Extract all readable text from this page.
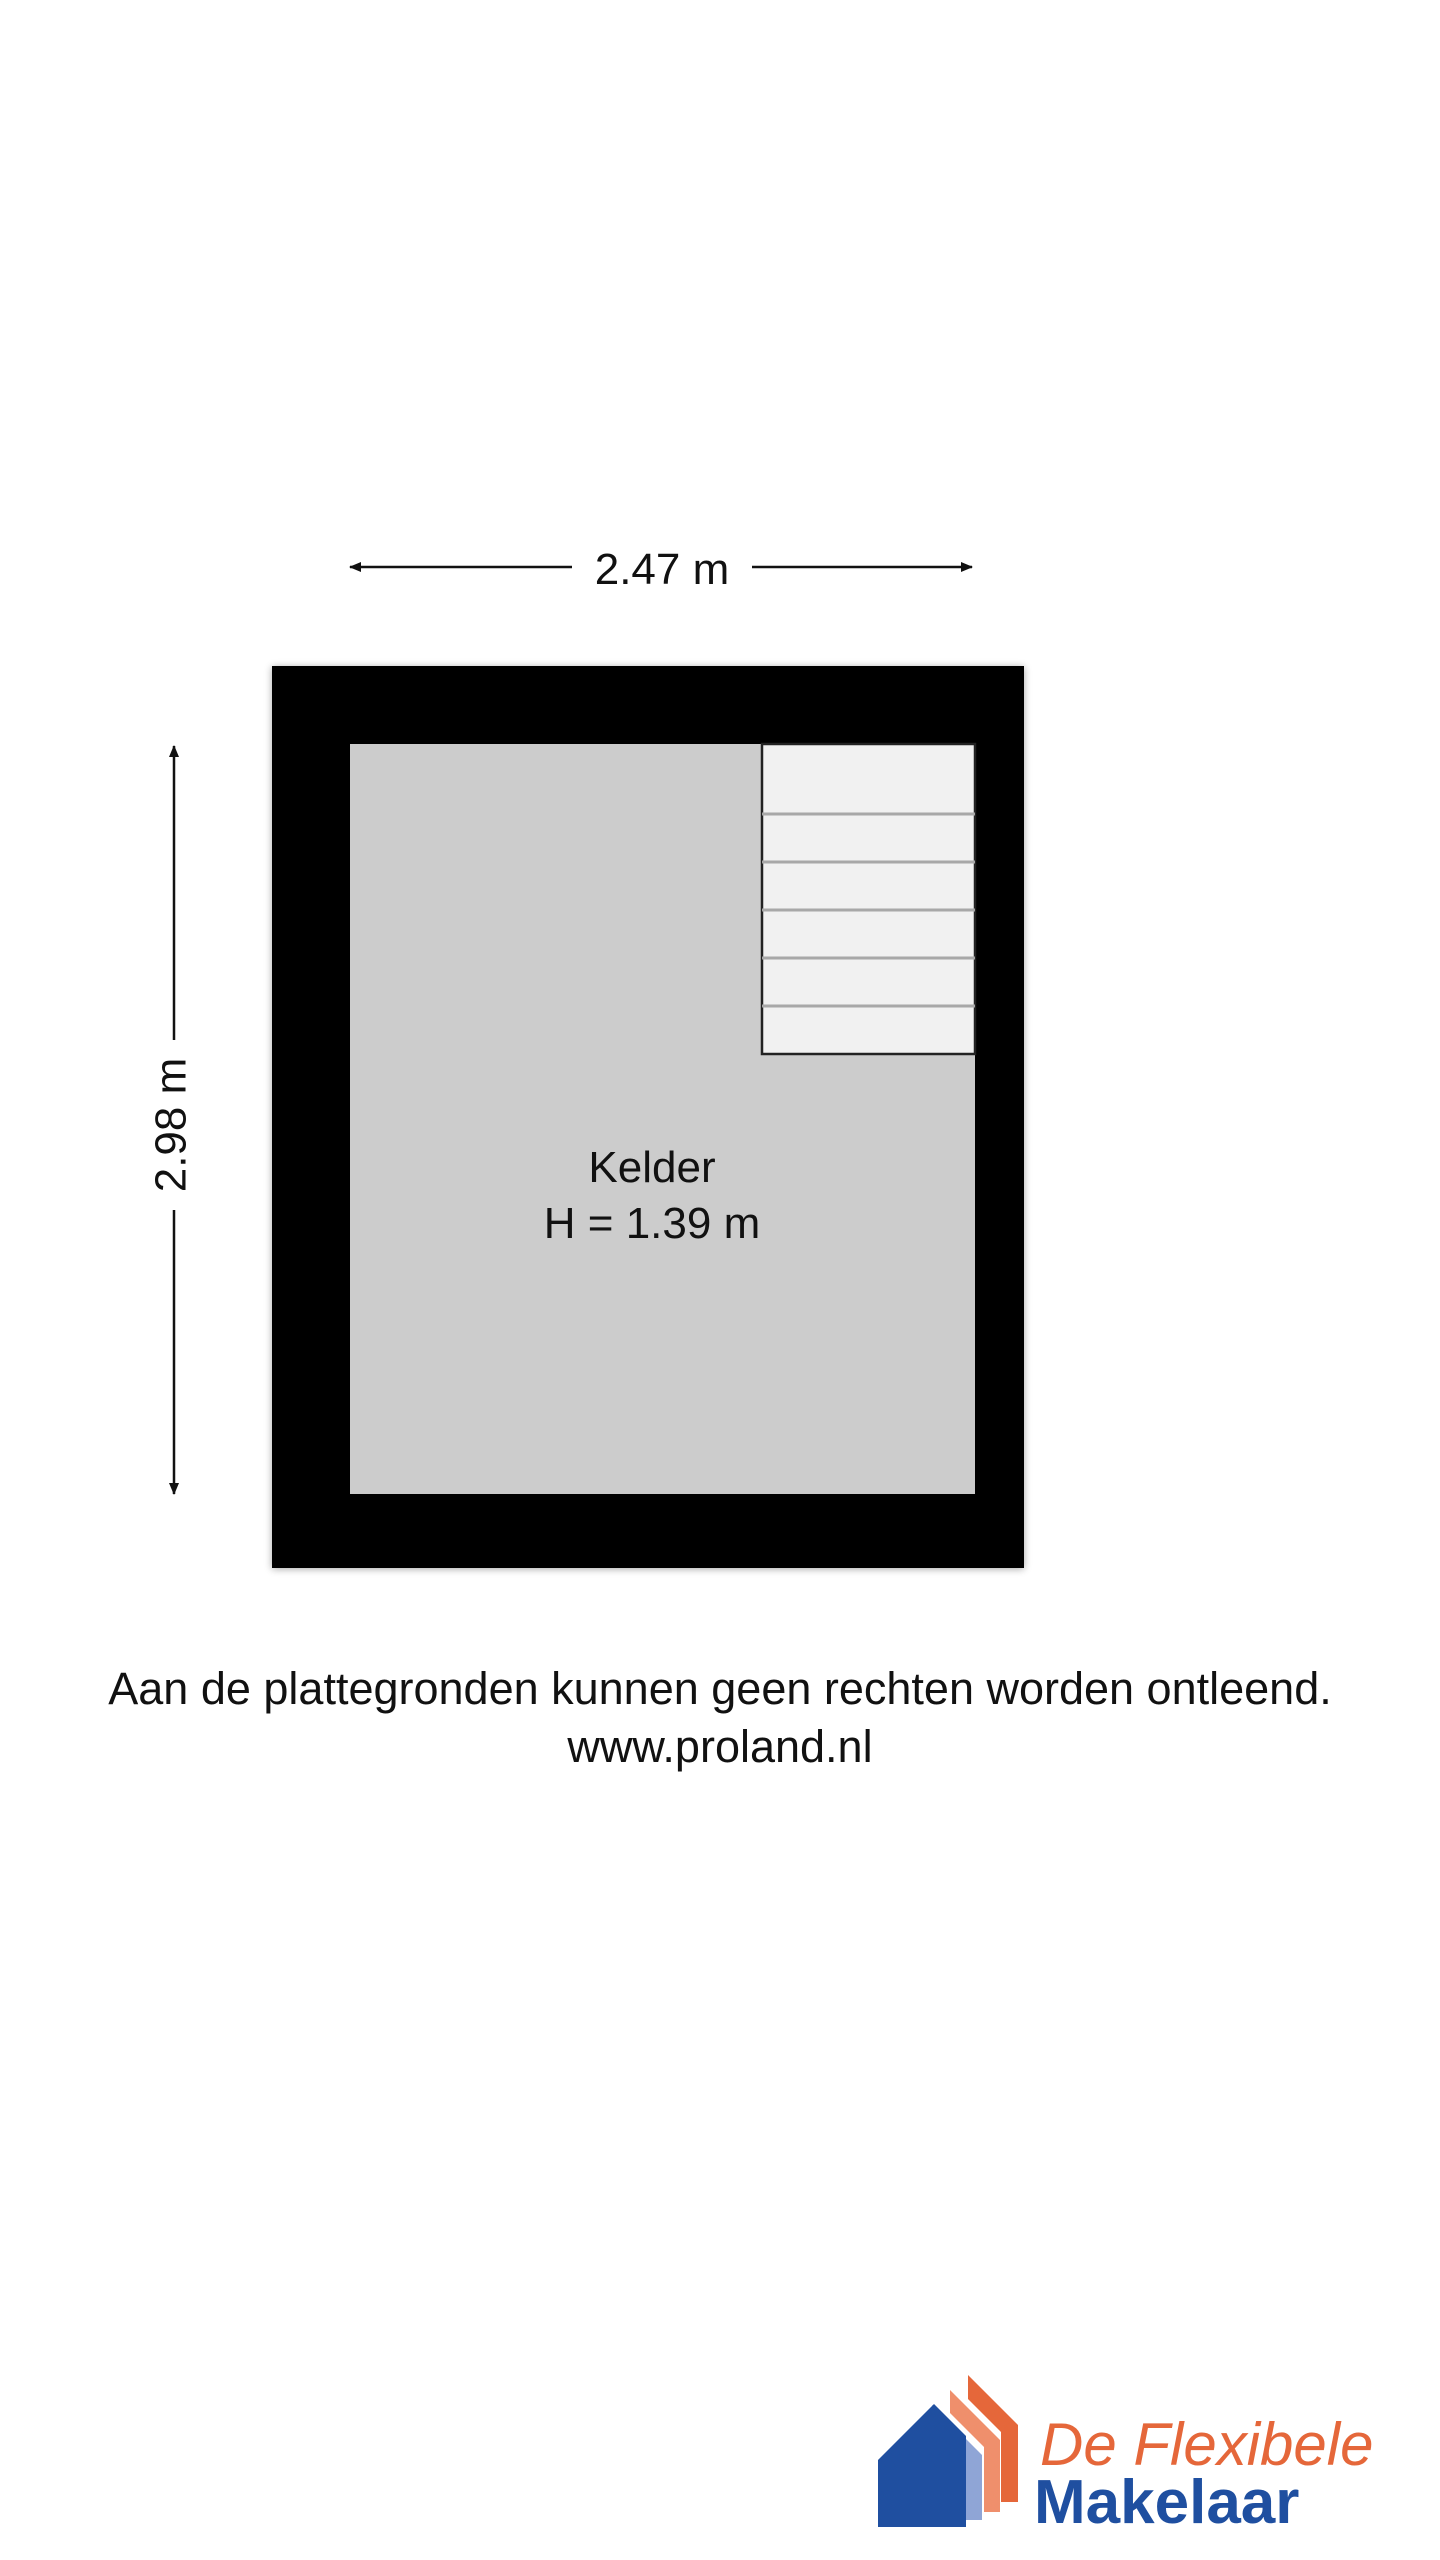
2.47 m
2.98 m	Kelder
H = 1.39 m
De Flexibele
Makelaar
Aan de plattegronden kunnen geen rechten worden ontleend.
www.proland.nl
